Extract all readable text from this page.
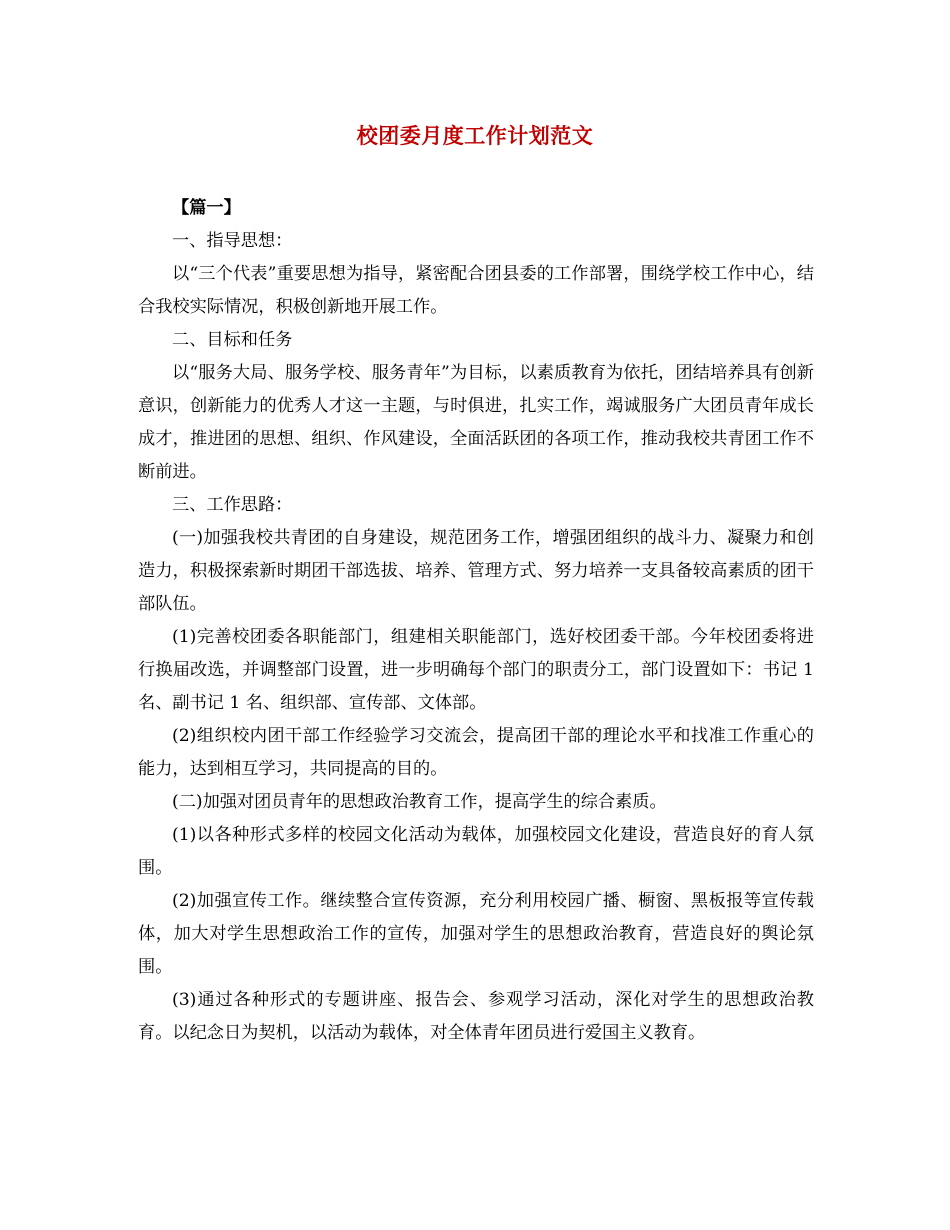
校团委月度工作计划范文

【篇一】

一、指导思想：

以“三个代表”重要思想为指导，紧密配合团县委的工作部署，围绕学校工作中心，结合我校实际情况，积极创新地开展工作。

二、目标和任务

以“服务大局、服务学校、服务青年”为目标，以素质教育为依托，团结培养具有创新意识，创新能力的优秀人才这一主题，与时俱进，扎实工作，竭诚服务广大团员青年成长成才，推进团的思想、组织、作风建设，全面活跃团的各项工作，推动我校共青团工作不断前进。

三、工作思路：

(一)加强我校共青团的自身建设，规范团务工作，增强团组织的战斗力、凝聚力和创造力，积极探索新时期团干部选拔、培养、管理方式、努力培养一支具备较高素质的团干部队伍。

(1)完善校团委各职能部门，组建相关职能部门，选好校团委干部。今年校团委将进行换届改选，并调整部门设置，进一步明确每个部门的职责分工，部门设置如下：书记 1 名、副书记 1 名、组织部、宣传部、文体部。

(2)组织校内团干部工作经验学习交流会，提高团干部的理论水平和找准工作重心的能力，达到相互学习，共同提高的目的。

(二)加强对团员青年的思想政治教育工作，提高学生的综合素质。

(1)以各种形式多样的校园文化活动为载体，加强校园文化建设，营造良好的育人氛围。

(2)加强宣传工作。继续整合宣传资源，充分利用校园广播、橱窗、黑板报等宣传载体，加大对学生思想政治工作的宣传，加强对学生的思想政治教育，营造良好的舆论氛围。

(3)通过各种形式的专题讲座、报告会、参观学习活动，深化对学生的思想政治教育。以纪念日为契机，以活动为载体，对全体青年团员进行爱国主义教育。
